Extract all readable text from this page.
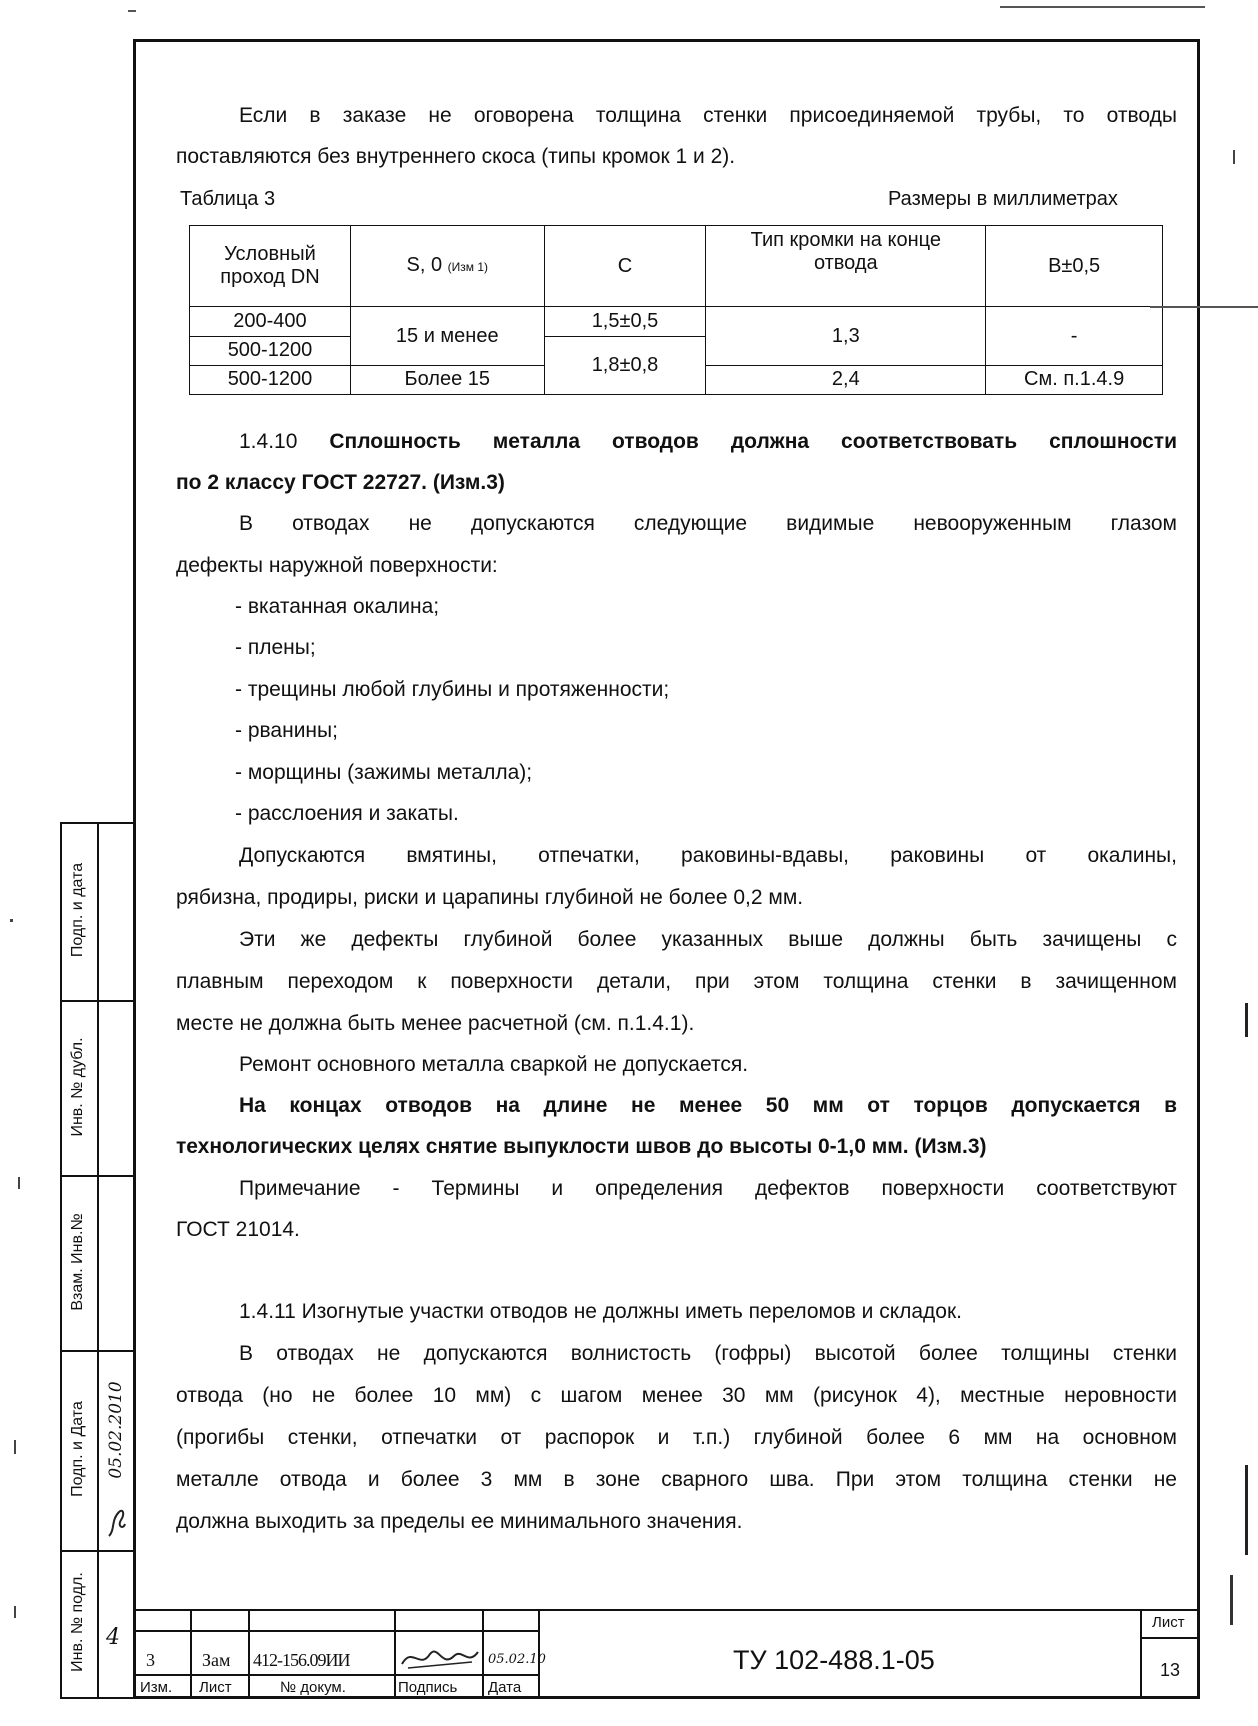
Если в заказе не оговорена толщина стенки присоединяемой трубы, то отводы
поставляются без внутреннего скоса (типы кромок 1 и 2).
Таблица 3	Размеры в миллиметрах
Условный проход DN	S, 0 (Изм 1)	C	Тип кромки на конце отвода	B±0,5
200-400	15 и менее	1,5±0,5	1,3	-
500-1200		1,8±0,8		
500-1200	Более 15		2,4	См. п.1.4.9
1.4.10 Сплошность металла отводов должна соответствовать сплошности
по 2 классу ГОСТ 22727. (Изм.3)
В отводах не допускаются следующие видимые невооруженным глазом
дефекты наружной поверхности:
- вкатанная окалина;
- плены;
- трещины любой глубины и протяженности;
- рванины;
- морщины (зажимы металла);
- расслоения и закаты.
Допускаются вмятины, отпечатки, раковины-вдавы, раковины от окалины,
рябизна, продиры, риски и царапины глубиной не более 0,2 мм.
Эти же дефекты глубиной более указанных выше должны быть зачищены с
плавным переходом к поверхности детали, при этом толщина стенки в зачищенном
месте не должна быть менее расчетной (см. п.1.4.1).
Ремонт основного металла сваркой не допускается.
На концах отводов на длине не менее 50 мм от торцов допускается в
технологических целях снятие выпуклости швов до высоты 0-1,0 мм. (Изм.3)
Примечание - Термины и определения дефектов поверхности соответствуют
ГОСТ 21014.
1.4.11 Изогнутые участки отводов не должны иметь переломов и складок.
В отводах не допускаются волнистость (гофры) высотой более толщины стенки
отвода (но не более 10 мм) с шагом менее 30 мм (рисунок 4), местные неровности
(прогибы стенки, отпечатки от распорок и т.п.) глубиной более 6 мм на основном
металле отвода и более 3 мм в зоне сварного шва. При этом толщина стенки не
должна выходить за пределы ее минимального значения.
Подп. и дата
Инв. № дубл.
Взам. Инв.№
Подп. и Дата
Инв. № подл.
05.02.2010
4
Изм. Лист	№ докум.	Подпись Дата
3	Зам 412-156.09ИИ	05.02.10	ТУ 102-488.1-05
Лист
13
